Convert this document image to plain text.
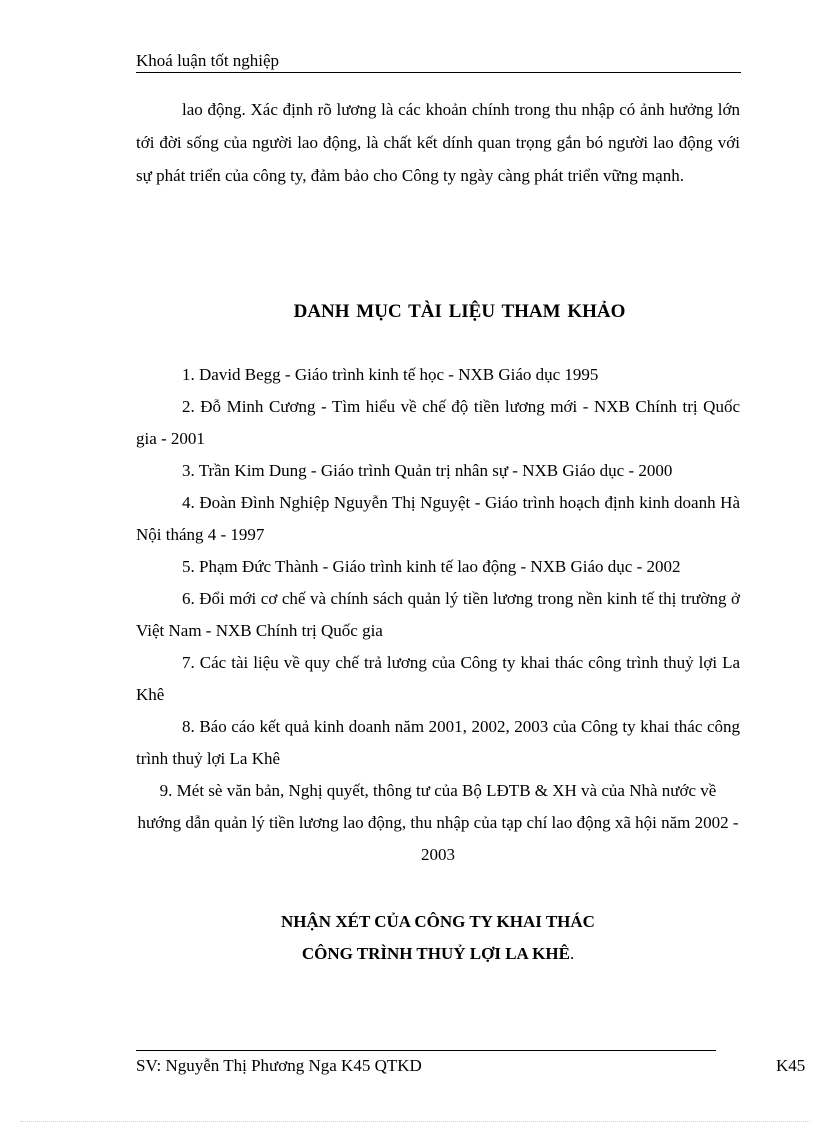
Khoá luận tốt nghiệp

lao động. Xác định rõ lương là các khoản chính trong thu nhập có ảnh hưởng lớn tới đời sống của người lao động, là chất kết dính quan trọng gắn bó người lao động với sự phát triển của công ty, đảm bảo cho Công ty ngày càng phát triển vững mạnh.

DANH MỤC TÀI LIỆU THAM KHẢO
1. David Begg - Giáo trình kinh tế học - NXB Giáo dục 1995
2. Đỗ Minh Cương - Tìm hiểu về chế độ tiền lương mới - NXB Chính trị Quốc gia - 2001
3. Trần Kim Dung - Giáo trình Quản trị nhân sự - NXB Giáo dục - 2000
4. Đoàn Đình Nghiệp Nguyễn Thị Nguyệt - Giáo trình hoạch định kinh doanh Hà Nội tháng 4 - 1997
5. Phạm Đức Thành - Giáo trình kinh tế lao động - NXB Giáo dục - 2002
6. Đổi mới cơ chế và chính sách quản lý tiền lương trong nền kinh tế thị trường ở Việt Nam - NXB Chính trị Quốc gia
7. Các tài liệu về quy chế trả lương của Công ty khai thác công trình thuỷ lợi La Khê
8. Báo cáo kết quả kinh doanh năm 2001, 2002, 2003 của Công ty khai thác công trình thuỷ lợi La Khê
9. Mét sè văn bản, Nghị quyết, thông tư của Bộ LĐTB & XH và của Nhà nước về hướng dẫn quản lý tiền lương lao động, thu nhập của tạp chí lao động xã hội năm 2002 - 2003
NHẬN XÉT CỦA CÔNG TY KHAI THÁC
CÔNG TRÌNH THUỶ LỢI LA KHÊ.
SV: Nguyễn Thị Phương Nga K45 QTKD	K45
